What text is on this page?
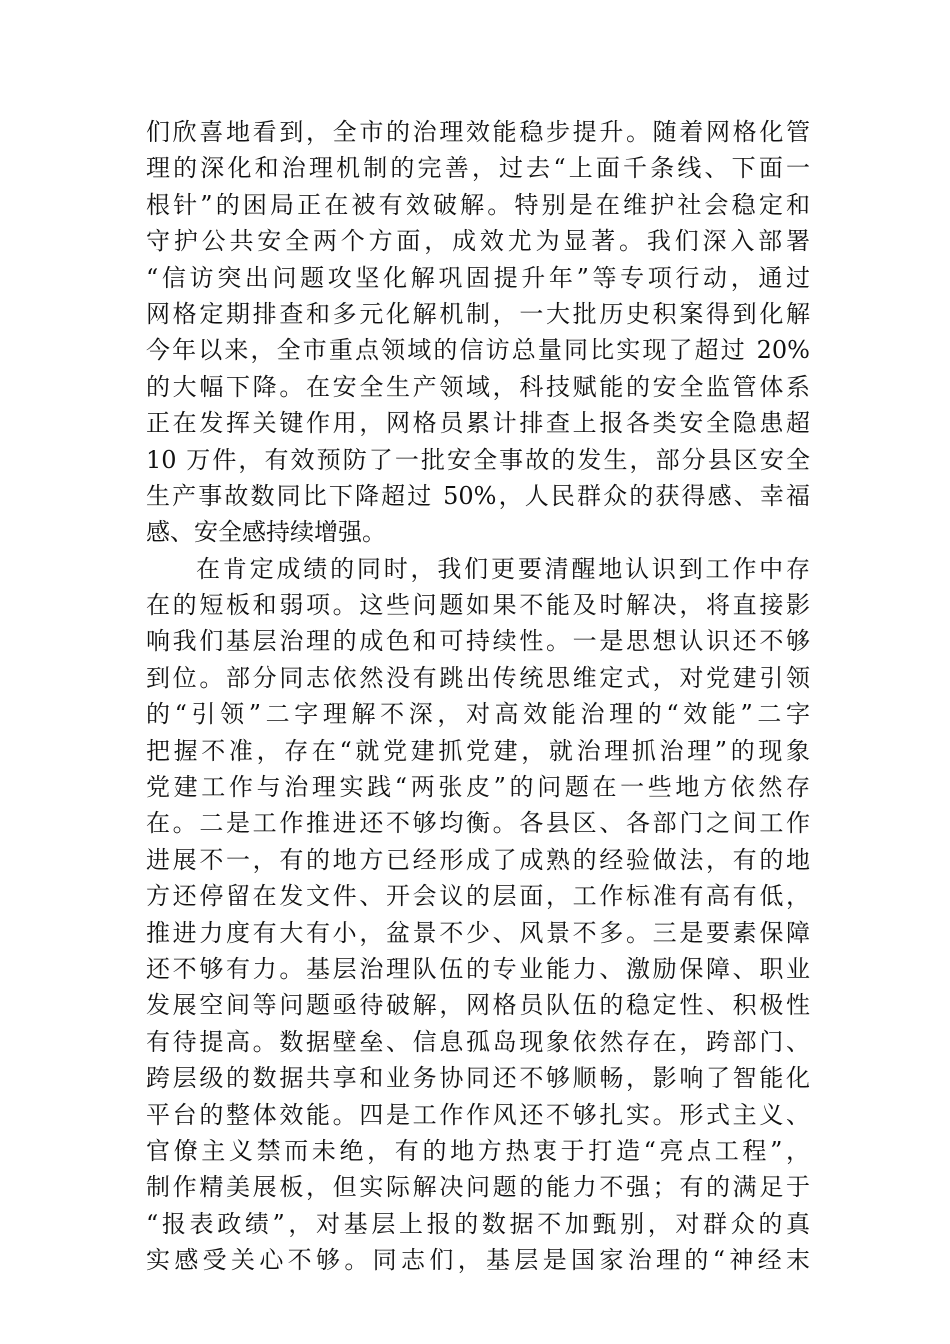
们欣喜地看到，全市的治理效能稳步提升。随着网格化管
理的深化和治理机制的完善，过去“上面千条线、下面一
根针”的困局正在被有效破解。特别是在维护社会稳定和
守护公共安全两个方面，成效尤为显著。我们深入部署
“信访突出问题攻坚化解巩固提升年”等专项行动，通过
网格定期排查和多元化解机制，一大批历史积案得到化解
今年以来，全市重点领域的信访总量同比实现了超过 20%
的大幅下降。在安全生产领域，科技赋能的安全监管体系
正在发挥关键作用，网格员累计排查上报各类安全隐患超
10 万件，有效预防了一批安全事故的发生，部分县区安全
生产事故数同比下降超过 50%，人民群众的获得感、幸福
感、安全感持续增强。
在肯定成绩的同时，我们更要清醒地认识到工作中存
在的短板和弱项。这些问题如果不能及时解决，将直接影
响我们基层治理的成色和可持续性。一是思想认识还不够
到位。部分同志依然没有跳出传统思维定式，对党建引领
的“引领”二字理解不深，对高效能治理的“效能”二字
把握不准，存在“就党建抓党建，就治理抓治理”的现象
党建工作与治理实践“两张皮”的问题在一些地方依然存
在。二是工作推进还不够均衡。各县区、各部门之间工作
进展不一，有的地方已经形成了成熟的经验做法，有的地
方还停留在发文件、开会议的层面，工作标准有高有低，
推进力度有大有小，盆景不少、风景不多。三是要素保障
还不够有力。基层治理队伍的专业能力、激励保障、职业
发展空间等问题亟待破解，网格员队伍的稳定性、积极性
有待提高。数据壁垒、信息孤岛现象依然存在，跨部门、
跨层级的数据共享和业务协同还不够顺畅，影响了智能化
平台的整体效能。四是工作作风还不够扎实。形式主义、
官僚主义禁而未绝，有的地方热衷于打造“亮点工程”，
制作精美展板，但实际解决问题的能力不强；有的满足于
“报表政绩”，对基层上报的数据不加甄别，对群众的真
实感受关心不够。同志们，基层是国家治理的“神经末
